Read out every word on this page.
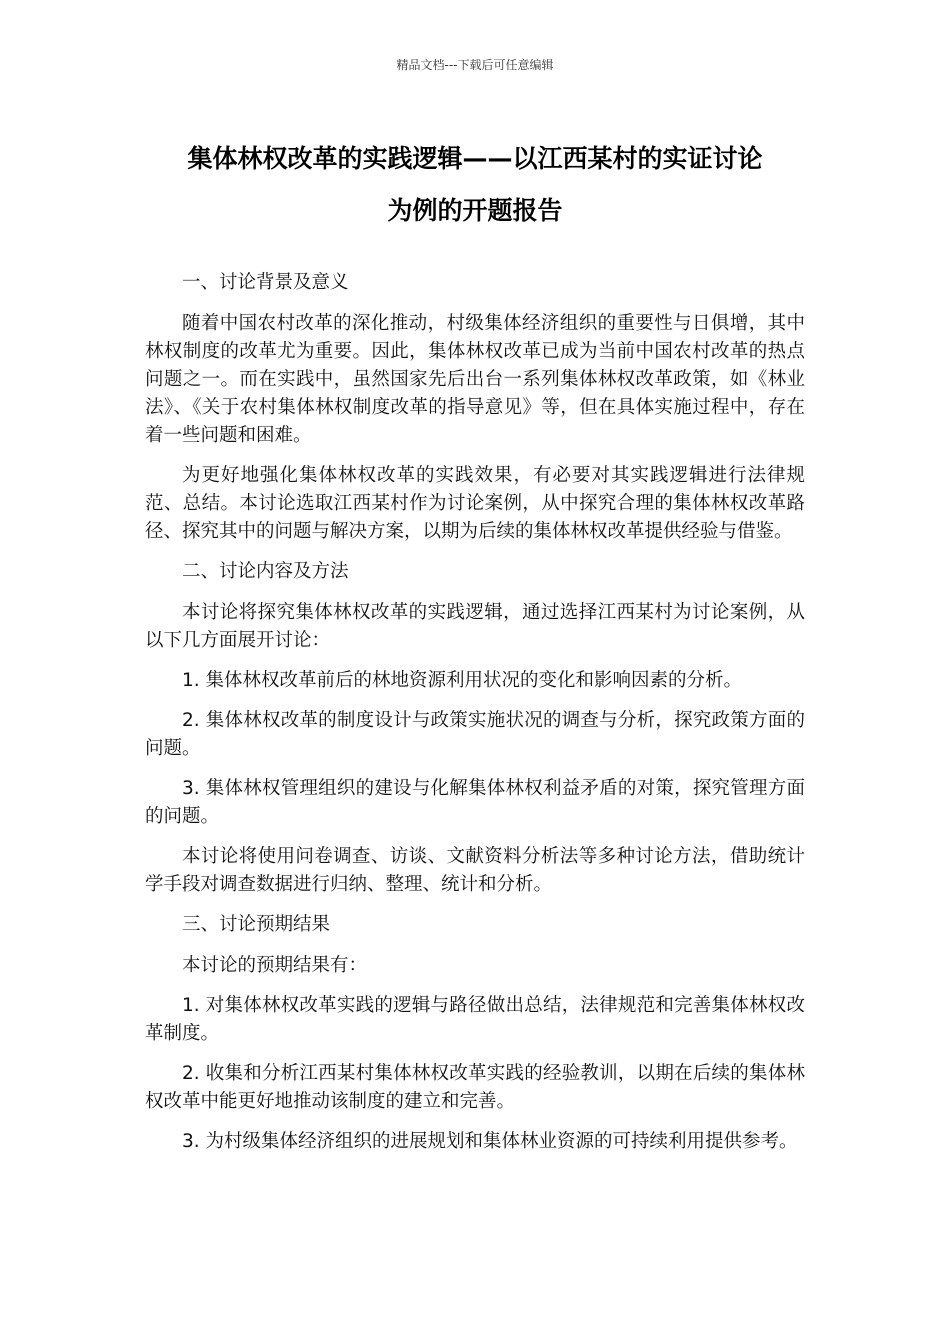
精品文档---下载后可任意编辑
集体林权改革的实践逻辑——以江西某村的实证讨论
为例的开题报告

一、讨论背景及意义

随着中国农村改革的深化推动，村级集体经济组织的重要性与日俱增，其中林权制度的改革尤为重要。因此，集体林权改革已成为当前中国农村改革的热点问题之一。而在实践中，虽然国家先后出台一系列集体林权改革政策，如《林业法》、《关于农村集体林权制度改革的指导意见》等，但在具体实施过程中，存在着一些问题和困难。

为更好地强化集体林权改革的实践效果，有必要对其实践逻辑进行法律规范、总结。本讨论选取江西某村作为讨论案例，从中探究合理的集体林权改革路径、探究其中的问题与解决方案，以期为后续的集体林权改革提供经验与借鉴。

二、讨论内容及方法

本讨论将探究集体林权改革的实践逻辑，通过选择江西某村为讨论案例，从以下几方面展开讨论：

1. 集体林权改革前后的林地资源利用状况的变化和影响因素的分析。

2. 集体林权改革的制度设计与政策实施状况的调查与分析，探究政策方面的问题。

3. 集体林权管理组织的建设与化解集体林权利益矛盾的对策，探究管理方面的问题。

本讨论将使用问卷调查、访谈、文献资料分析法等多种讨论方法，借助统计学手段对调查数据进行归纳、整理、统计和分析。

三、讨论预期结果

本讨论的预期结果有：

1. 对集体林权改革实践的逻辑与路径做出总结，法律规范和完善集体林权改革制度。

2. 收集和分析江西某村集体林权改革实践的经验教训，以期在后续的集体林权改革中能更好地推动该制度的建立和完善。

3. 为村级集体经济组织的进展规划和集体林业资源的可持续利用提供参考。
